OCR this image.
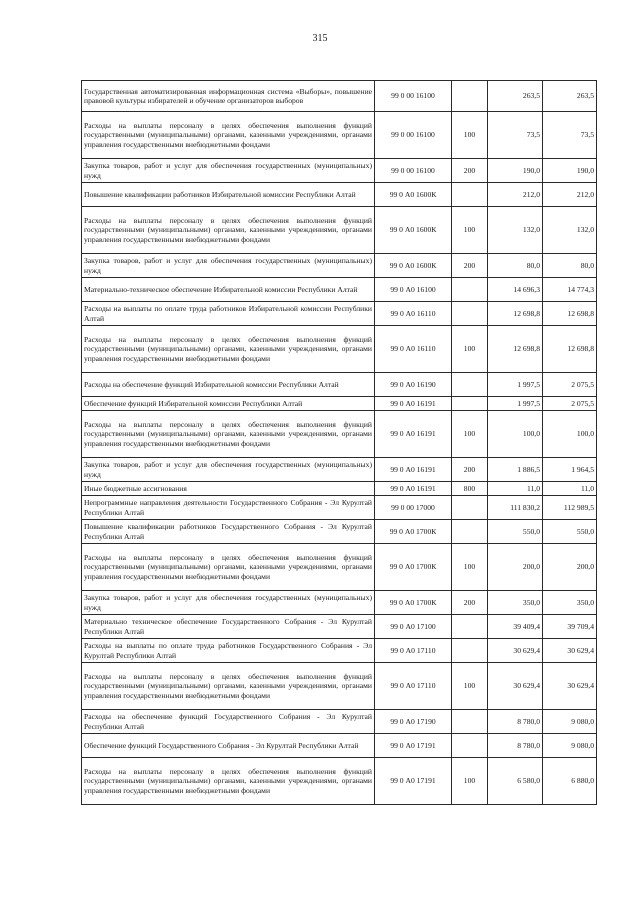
315
Государственная автоматизированная информационная система «Выборы», повышение правовой культуры избирателей и обучение организаторов выборов	99 0 00 16100		263,5	263,5
Расходы на выплаты персоналу в целях обеспечения выполнения функций государственными (муниципальными) органами, казенными учреждениями, органами управления государственными внебюджетными фондами	99 0 00 16100	100	73,5	73,5
Закупка товаров, работ и услуг для обеспечения государственных (муниципальных) нужд	99 0 00 16100	200	190,0	190,0
Повышение квалификации работников Избирательной комиссии Республики Алтай	99 0 А0 1600К		212,0	212,0
Расходы на выплаты персоналу в целях обеспечения выполнения функций государственными (муниципальными) органами, казенными учреждениями, органами управления государственными внебюджетными фондами	99 0 А0 1600К	100	132,0	132,0
Закупка товаров, работ и услуг для обеспечения государственных (муниципальных) нужд	99 0 А0 1600К	200	80,0	80,0
Материально-техническое обеспечение Избирательной комиссии Республики Алтай	99 0 А0 16100		14 696,3	14 774,3
Расходы на выплаты по оплате труда работников Избирательной комиссии Республики Алтай	99 0 А0 16110		12 698,8	12 698,8
Расходы на выплаты персоналу в целях обеспечения выполнения функций государственными (муниципальными) органами, казенными учреждениями, органами управления государственными внебюджетными фондами	99 0 А0 16110	100	12 698,8	12 698,8
Расходы на обеспечение функций Избирательной комиссии Республики Алтай	99 0 А0 16190		1 997,5	2 075,5
Обеспечение функций Избирательной комиссии Республики Алтай	99 0 А0 16191		1 997,5	2 075,5
Расходы на выплаты персоналу в целях обеспечения выполнения функций государственными (муниципальными) органами, казенными учреждениями, органами управления государственными внебюджетными фондами	99 0 А0 16191	100	100,0	100,0
Закупка товаров, работ и услуг для обеспечения государственных (муниципальных) нужд	99 0 А0 16191	200	1 886,5	1 964,5
Иные бюджетные ассигнования	99 0 А0 16191	800	11,0	11,0
Непрограммные направления деятельности Государственного Собрания - Эл Курултай Республики Алтай	99 0 00 17000		111 830,2	112 989,5
Повышение квалификации работников Государственного Собрания - Эл Курултай Республики Алтай	99 0 А0 1700К		550,0	550,0
Расходы на выплаты персоналу в целях обеспечения выполнения функций государственными (муниципальными) органами, казенными учреждениями, органами управления государственными внебюджетными фондами	99 0 А0 1700К	100	200,0	200,0
Закупка товаров, работ и услуг для обеспечения государственных (муниципальных) нужд	99 0 А0 1700К	200	350,0	350,0
Материально техническое обеспечение Государственного Собрания - Эл Курултай Республики Алтай	99 0 А0 17100		39 409,4	39 709,4
Расходы на выплаты по оплате труда работников Государственного Собрания - Эл Курултай Республики Алтай	99 0 А0 17110		30 629,4	30 629,4
Расходы на выплаты персоналу в целях обеспечения выполнения функций государственными (муниципальными) органами, казенными учреждениями, органами управления государственными внебюджетными фондами	99 0 А0 17110	100	30 629,4	30 629,4
Расходы на обеспечение функций Государственного Собрания - Эл Курултай Республики Алтай	99 0 А0 17190		8 780,0	9 080,0
Обеспечение функций Государственного Собрания - Эл Курултай Республики Алтай	99 0 А0 17191		8 780,0	9 080,0
Расходы на выплаты персоналу в целях обеспечения выполнения функций государственными (муниципальными) органами, казенными учреждениями, органами управления государственными внебюджетными фондами	99 0 А0 17191	100	6 580,0	6 880,0
